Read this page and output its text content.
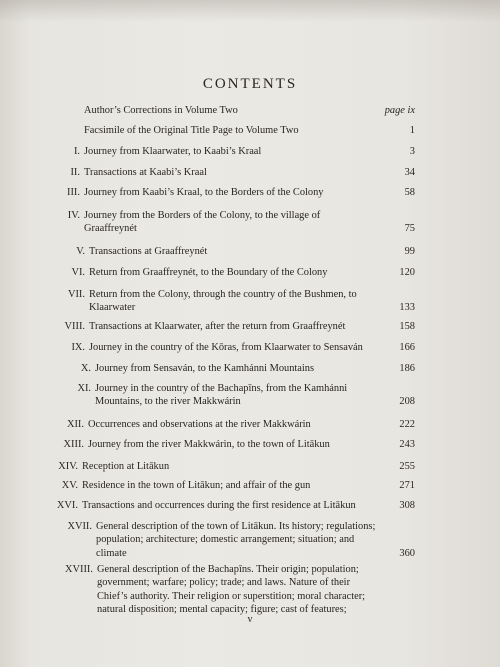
CONTENTS
Author’s Corrections in Volume Two	page ix
Facsimile of the Original Title Page to Volume Two	1
I. Journey from Klaarwater, to Kaabi’s Kraal	3
II. Transactions at Kaabi’s Kraal	34
III. Journey from Kaabi’s Kraal, to the Borders of the Colony	58
IV. Journey from the Borders of the Colony, to the village of
Graaffreynét	75
V. Transactions at Graaffreynét	99
VI. Return from Graaffreynét, to the Boundary of the Colony	120
VII. Return from the Colony, through the country of the Bushmen, to
Klaarwater	133
VIII. Transactions at Klaarwater, after the return from Graaffreynét	158
IX. Journey in the country of the Kōras, from Klaarwater to Sensaván	166
X. Journey from Sensaván, to the Kamhánni Mountains	186
XI. Journey in the country of the Bachapīns, from the Kamhánni
Mountains, to the river Makkwárin	208
XII. Occurrences and observations at the river Makkwárin	222
XIII. Journey from the river Makkwárin, to the town of Litākun	243
XIV. Reception at Litākun	255
XV. Residence in the town of Litākun; and affair of the gun	271
XVI. Transactions and occurrences during the first residence at Litākun	308
XVII. General description of the town of Litākun. Its history; regulations;
population; architecture; domestic arrangement; situation; and
climate	360
XVIII. General description of the Bachapīns. Their origin; population;
government; warfare; policy; trade; and laws. Nature of their
Chief’s authority. Their religion or superstition; moral character;
natural disposition; mental capacity; figure; cast of features;
v
